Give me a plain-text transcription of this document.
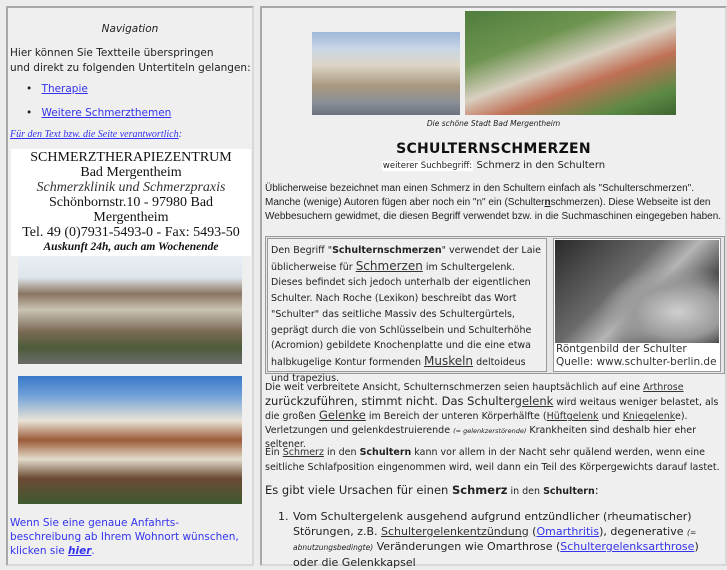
Navigation
Hier können Sie Textteile überspringen
und direkt zu folgenden Untertiteln gelangen:
• Therapie
• Weitere Schmerzthemen
Für den Text bzw. die Seite verantwortlich:
SCHMERZTHERAPIEZENTRUM
Bad Mergentheim
Schmerzklinik und Schmerzpraxis
Schönbornstr.10 - 97980 Bad Mergentheim
Tel. 49 (0)7931-5493-0 - Fax: 5493-50
Auskunft 24h, auch am Wochenende
Wenn Sie eine genaue Anfahrts-beschreibung ab Ihrem Wohnort wünschen, klicken sie hier.
Die schöne Stadt Bad Mergentheim
SCHULTERNSCHMERZEN
weiterer Suchbegriff: Schmerz in den Schultern

Üblicherweise bezeichnet man einen Schmerz in den Schultern einfach als "Schulterschmerzen". Manche (wenige) Autoren fügen aber noch ein "n" ein (Schulternschmerzen). Diese Webseite ist den Webbesuchern gewidmet, die diesen Begriff verwendet bzw. in die Suchmaschinen eingegeben haben.

Den Begriff "Schulternschmerzen" verwendet der Laie üblicherweise für Schmerzen im Schultergelenk. Dieses befindet sich jedoch unterhalb der eigentlichen Schulter. Nach Roche (Lexikon) beschreibt das Wort "Schulter" das seitliche Massiv des Schultergürtels, geprägt durch die von Schlüsselbein und Schulterhöhe (Acromion) gebildete Knochenplatte und die eine etwa halbkugelige Kontur formenden Muskeln deltoideus und trapezius.
Röntgenbild der Schulter
Quelle: www.schulter-berlin.de

Die weit verbreitete Ansicht, Schulternschmerzen seien hauptsächlich auf eine Arthrose zurückzuführen, stimmt nicht. Das Schultergelenk wird weitaus weniger belastet, als die großen Gelenke im Bereich der unteren Körperhälfte (Hüftgelenk und Kniegelenke). Verletzungen und gelenkdestruierende (= gelenkzerstörende) Krankheiten sind deshalb hier eher seltener.

Ein Schmerz in den Schultern kann vor allem in der Nacht sehr quälend werden, wenn eine seitliche Schlafposition eingenommen wird, weil dann ein Teil des Körpergewichts darauf lastet.

Es gibt viele Ursachen für einen Schmerz in den Schultern:

1. Vom Schultergelenk ausgehend aufgrund entzündlicher (rheumatischer) Störungen, z.B. Schultergelenkentzündung (Omarthritis), degenerative (= abnutzungsbedingte) Veränderungen wie Omarthrose (Schultergelenksarthrose) oder die Gelenkkapsel
